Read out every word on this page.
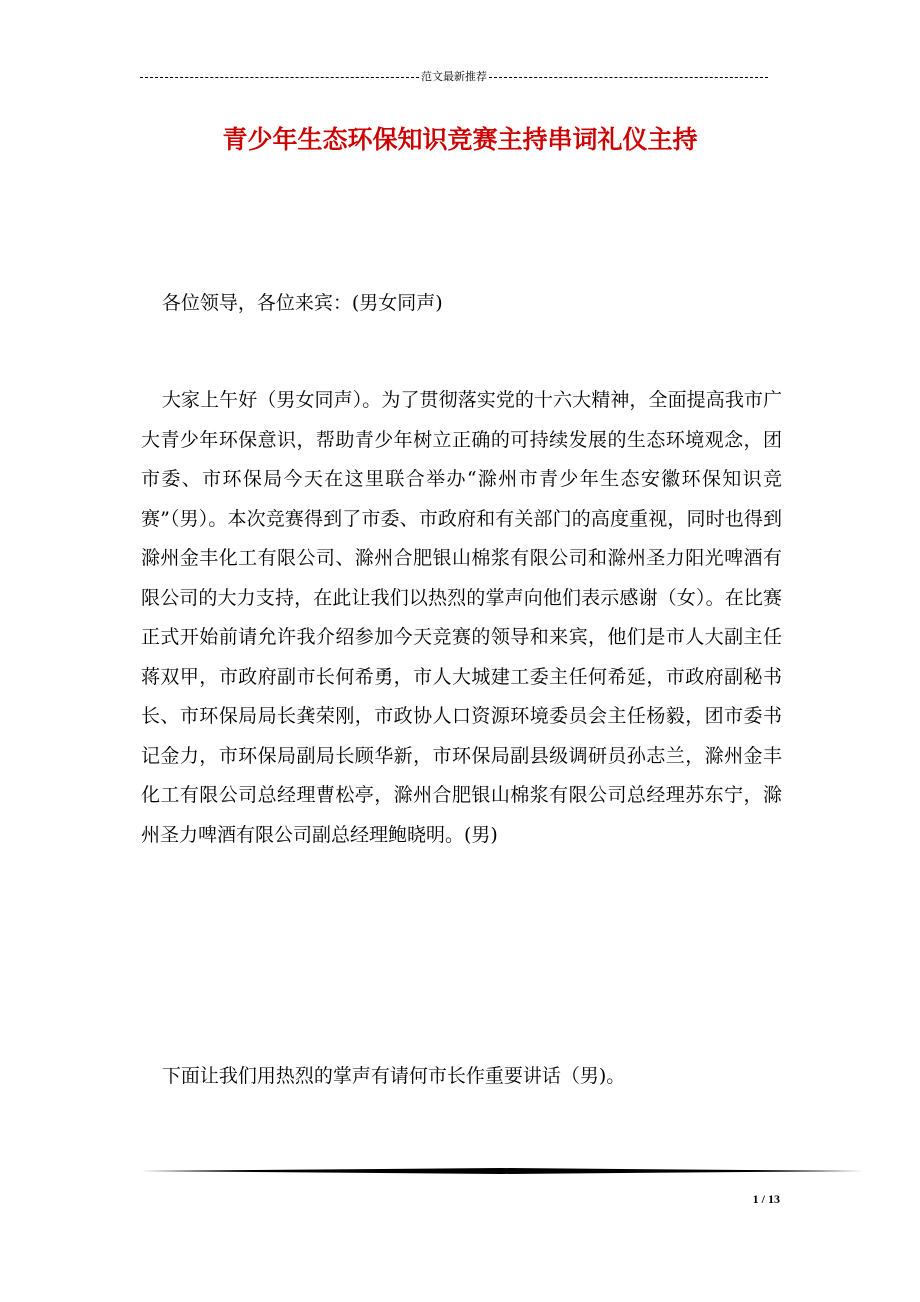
范文最新推荐
青少年生态环保知识竞赛主持串词礼仪主持

各位领导，各位来宾：(男女同声)

大家上午好（男女同声）。为了贯彻落实党的十六大精神，全面提高我市广大青少年环保意识，帮助青少年树立正确的可持续发展的生态环境观念，团市委、市环保局今天在这里联合举办“滁州市青少年生态安徽环保知识竞赛”（男）。本次竞赛得到了市委、市政府和有关部门的高度重视，同时也得到滁州金丰化工有限公司、滁州合肥银山棉浆有限公司和滁州圣力阳光啤酒有限公司的大力支持，在此让我们以热烈的掌声向他们表示感谢（女）。在比赛正式开始前请允许我介绍参加今天竞赛的领导和来宾，他们是市人大副主任蒋双甲，市政府副市长何希勇，市人大城建工委主任何希延，市政府副秘书长、市环保局局长龚荣刚，市政协人口资源环境委员会主任杨毅，团市委书记金力，市环保局副局长顾华新，市环保局副县级调研员孙志兰，滁州金丰化工有限公司总经理曹松亭，滁州合肥银山棉浆有限公司总经理苏东宁，滁州圣力啤酒有限公司副总经理鲍晓明。(男)

下面让我们用热烈的掌声有请何市长作重要讲话（男)。

1 / 13
